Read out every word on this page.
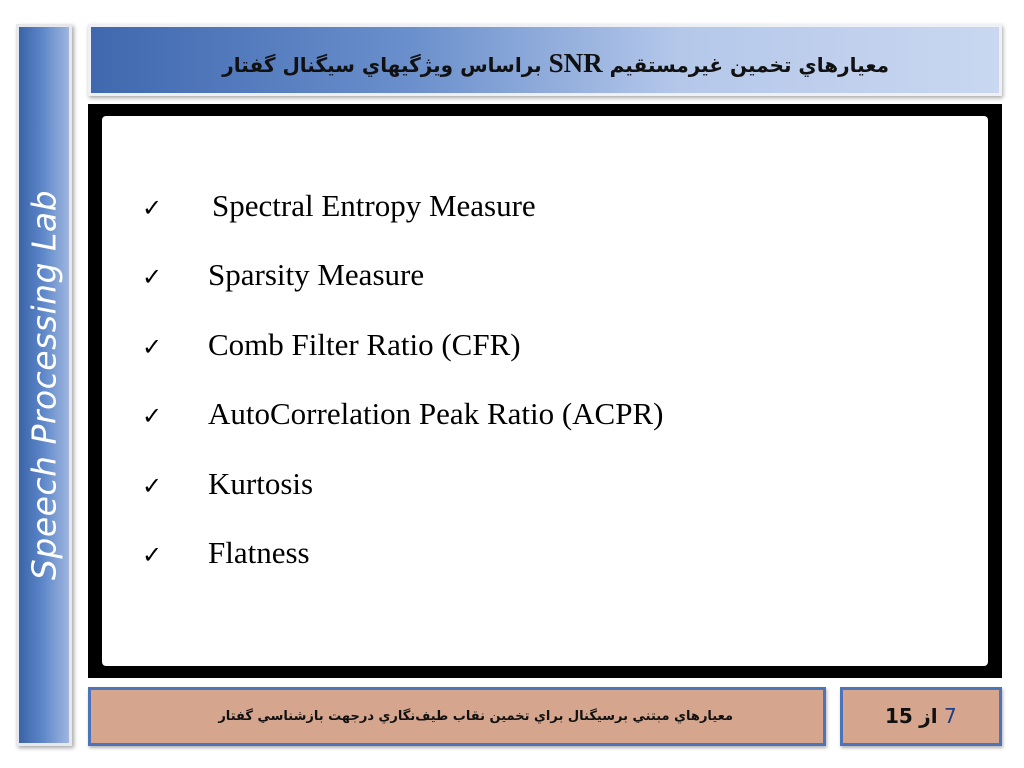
Speech Processing Lab
معيارهاي تخمين غيرمستقيم SNR براساس ويژگيهاي سيگنال گفتار
✓ Spectral Entropy Measure
✓ Sparsity Measure
✓ Comb Filter Ratio (CFR)
✓ AutoCorrelation Peak Ratio (ACPR)
✓ Kurtosis
✓ Flatness
معيارهاي مبتني برسيگنال براي تخمين نقاب طيف‌نگاري درجهت بازشناسي گفتار	7 از 15
